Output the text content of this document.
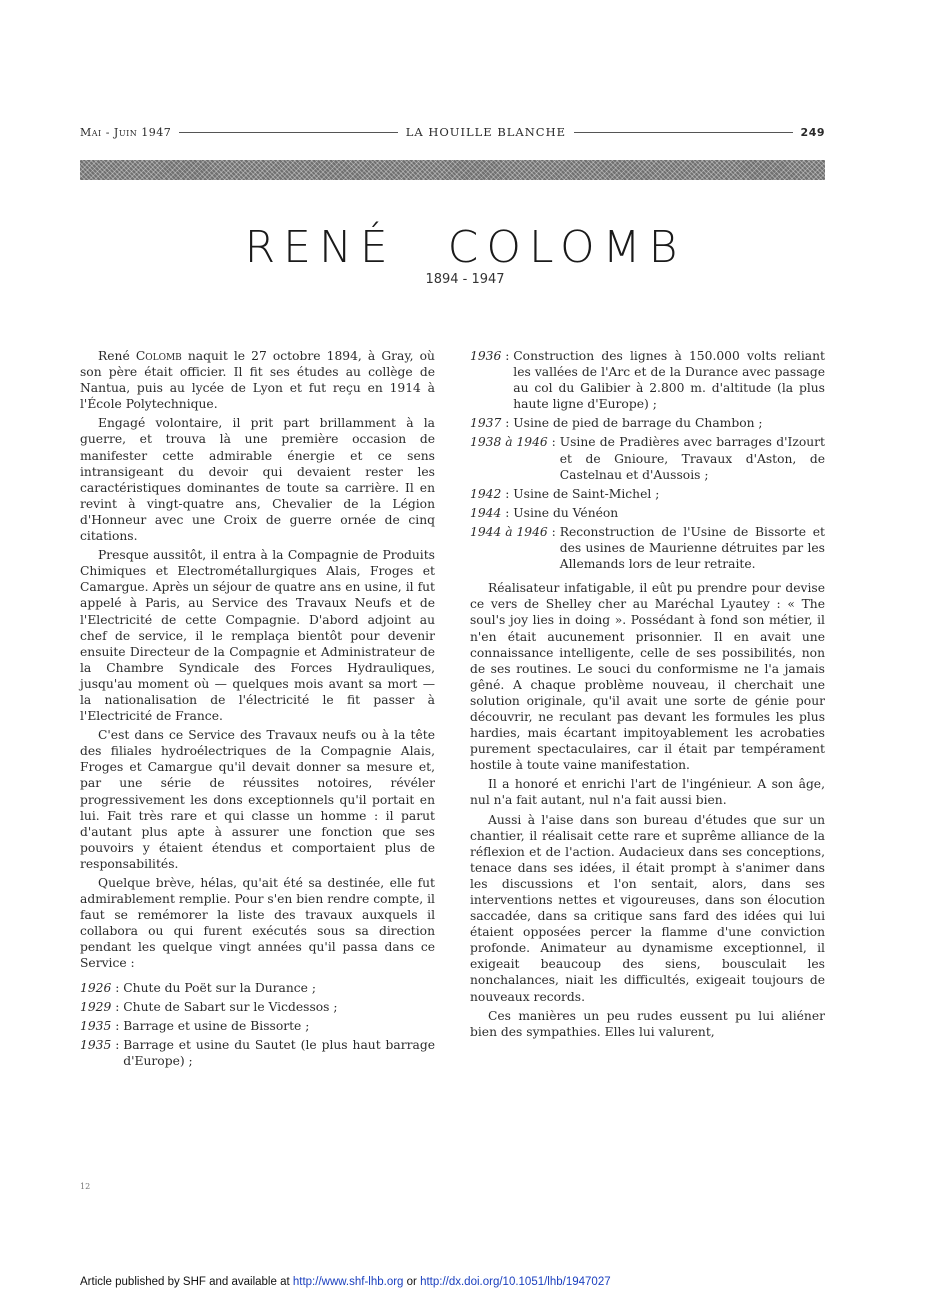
Mai - Juin 1947	LA HOUILLE BLANCHE	249
RENÉ COLOMB
1894 - 1947

René Colomb naquit le 27 octobre 1894, à Gray, où son père était officier. Il fit ses études au collège de Nantua, puis au lycée de Lyon et fut reçu en 1914 à l'École Polytechnique.

Engagé volontaire, il prit part brillamment à la guerre, et trouva là une première occasion de manifester cette admirable énergie et ce sens intransigeant du devoir qui devaient rester les caractéristiques dominantes de toute sa carrière. Il en revint à vingt-quatre ans, Chevalier de la Légion d'Honneur avec une Croix de guerre ornée de cinq citations.

Presque aussitôt, il entra à la Compagnie de Produits Chimiques et Electrométallurgiques Alais, Froges et Camargue. Après un séjour de quatre ans en usine, il fut appelé à Paris, au Service des Travaux Neufs et de l'Electricité de cette Compagnie. D'abord adjoint au chef de service, il le remplaça bientôt pour devenir ensuite Directeur de la Compagnie et Administrateur de la Chambre Syndicale des Forces Hydrauliques, jusqu'au moment où — quelques mois avant sa mort — la nationalisation de l'électricité le fit passer à l'Electricité de France.

C'est dans ce Service des Travaux neufs ou à la tête des filiales hydroélectriques de la Compagnie Alais, Froges et Camargue qu'il devait donner sa mesure et, par une série de réussites notoires, révéler progressivement les dons exceptionnels qu'il portait en lui. Fait très rare et qui classe un homme : il parut d'autant plus apte à assurer une fonction que ses pouvoirs y étaient étendus et comportaient plus de responsabilités.

Quelque brève, hélas, qu'ait été sa destinée, elle fut admirablement remplie. Pour s'en bien rendre compte, il faut se remémorer la liste des travaux auxquels il collabora ou qui furent exécutés sous sa direction pendant les quelque vingt années qu'il passa dans ce Service :

1926 : Chute du Poët sur la Durance ;
1929 : Chute de Sabart sur le Vicdessos ;
1935 : Barrage et usine de Bissorte ;
1935 : Barrage et usine du Sautet (le plus haut barrage d'Europe) ;
1936 : Construction des lignes à 150.000 volts reliant les vallées de l'Arc et de la Durance avec passage au col du Galibier à 2.800 m. d'altitude (la plus haute ligne d'Europe) ;
1937 : Usine de pied de barrage du Chambon ;
1938 à 1946 : Usine de Pradières avec barrages d'Izourt et de Gnioure, Travaux d'Aston, de Castelnau et d'Aussois ;
1942 : Usine de Saint-Michel ;
1944 : Usine du Vénéon
1944 à 1946 : Reconstruction de l'Usine de Bissorte et des usines de Maurienne détruites par les Allemands lors de leur retraite.

Réalisateur infatigable, il eût pu prendre pour devise ce vers de Shelley cher au Maréchal Lyautey : « The soul's joy lies in doing ». Possédant à fond son métier, il n'en était aucunement prisonnier. Il en avait une connaissance intelligente, celle de ses possibilités, non de ses routines. Le souci du conformisme ne l'a jamais gêné. A chaque problème nouveau, il cherchait une solution originale, qu'il avait une sorte de génie pour découvrir, ne reculant pas devant les formules les plus hardies, mais écartant impitoyablement les acrobaties purement spectaculaires, car il était par tempérament hostile à toute vaine manifestation.

Il a honoré et enrichi l'art de l'ingénieur. A son âge, nul n'a fait autant, nul n'a fait aussi bien.

Aussi à l'aise dans son bureau d'études que sur un chantier, il réalisait cette rare et suprême alliance de la réflexion et de l'action. Audacieux dans ses conceptions, tenace dans ses idées, il était prompt à s'animer dans les discussions et l'on sentait, alors, dans ses interventions nettes et vigoureuses, dans son élocution saccadée, dans sa critique sans fard des idées qui lui étaient opposées percer la flamme d'une conviction profonde. Animateur au dynamisme exceptionnel, il exigeait beaucoup des siens, bousculait les nonchalances, niait les difficultés, exigeait toujours de nouveaux records.

Ces manières un peu rudes eussent pu lui aliéner bien des sympathies. Elles lui valurent,

12
Article published by SHF and available at http://www.shf-lhb.org or http://dx.doi.org/10.1051/lhb/1947027
